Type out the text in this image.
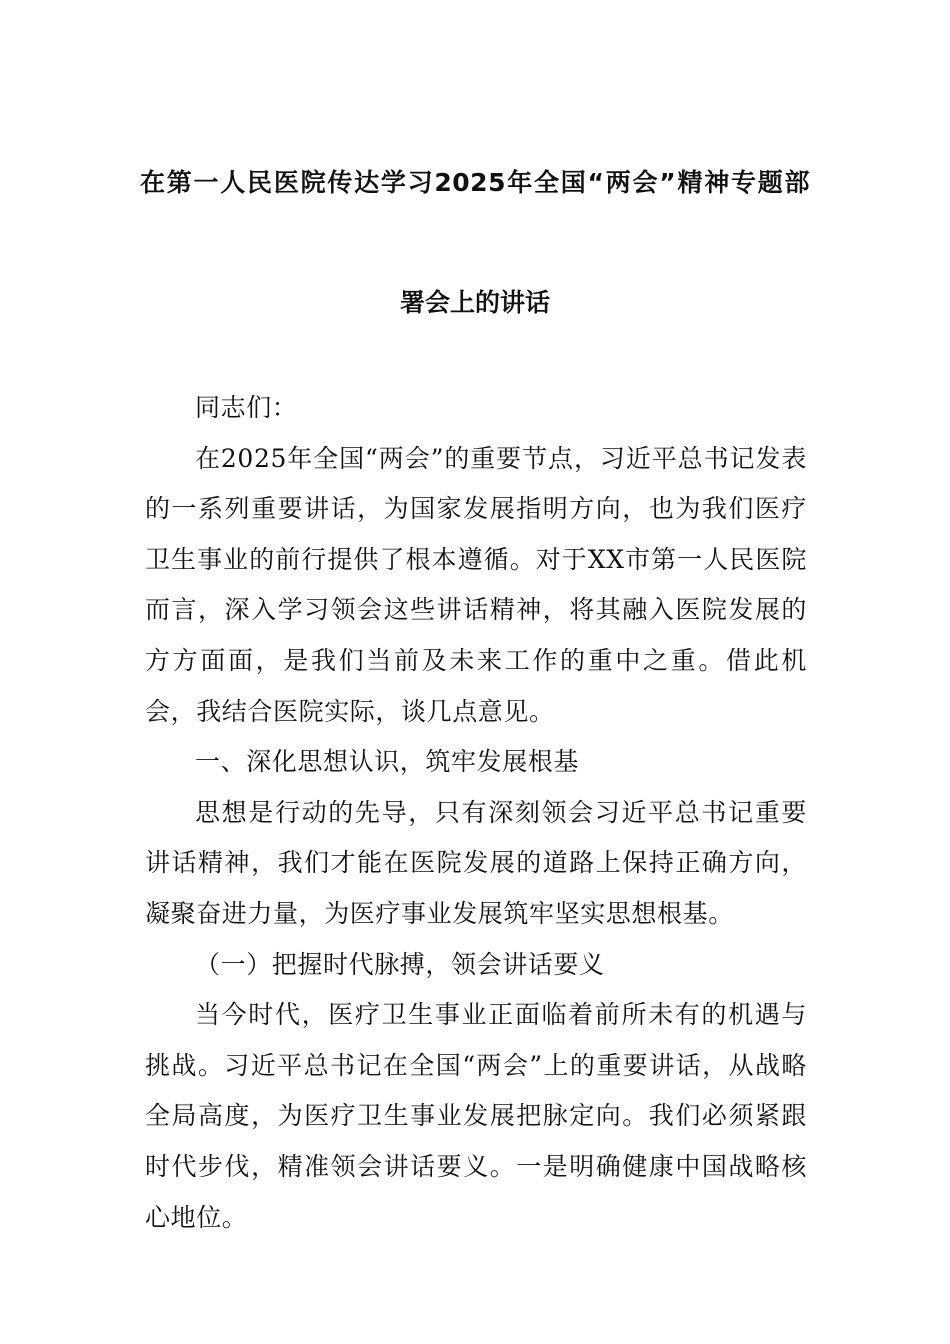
在第一人民医院传达学习2025年全国“两会”精神专题部
署会上的讲话

同志们：

在2025年全国“两会”的重要节点，习近平总书记发表的一系列重要讲话，为国家发展指明方向，也为我们医疗卫生事业的前行提供了根本遵循。对于XX市第一人民医院而言，深入学习领会这些讲话精神，将其融入医院发展的方方面面，是我们当前及未来工作的重中之重。借此机会，我结合医院实际，谈几点意见。

一、深化思想认识，筑牢发展根基

思想是行动的先导，只有深刻领会习近平总书记重要讲话精神，我们才能在医院发展的道路上保持正确方向，凝聚奋进力量，为医疗事业发展筑牢坚实思想根基。

（一）把握时代脉搏，领会讲话要义

当今时代，医疗卫生事业正面临着前所未有的机遇与挑战。习近平总书记在全国“两会”上的重要讲话，从战略全局高度，为医疗卫生事业发展把脉定向。我们必须紧跟时代步伐，精准领会讲话要义。一是明确健康中国战略核心地位。
